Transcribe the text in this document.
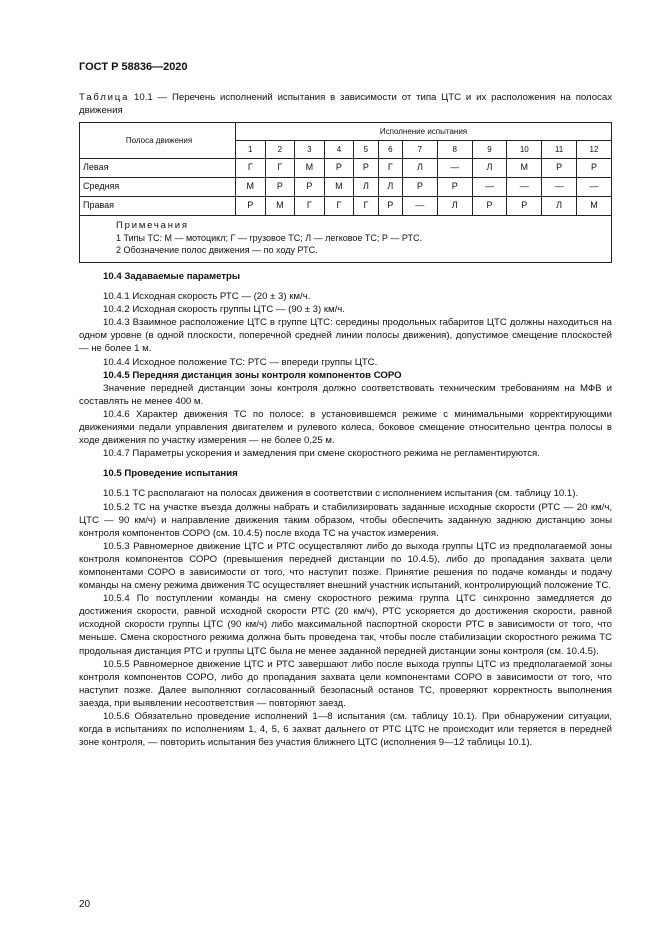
ГОСТ Р 58836—2020
Таблица 10.1 — Перечень исполнений испытания в зависимости от типа ЦТС и их расположения на полосах движения
Полоса движения	Исполнение испытания											
	1	2	3	4	5	6	7	8	9	10	11	12
Левая	Г	Г	М	Р	Р	Г	Л	—	Л	М	Р	Р
Средняя	М	Р	Р	М	Л	Л	Р	Р	—	—	—	—
Правая	Р	М	Г	Г	Г	Р	—	Л	Р	Р	Л	М

Примечания
1 Типы ТС: М — мотоцикл; Г — грузовое ТС; Л — легковое ТС; Р — РТС.
2 Обозначение полос движения — по ходу РТС.												

10.4 Задаваемые параметры

10.4.1 Исходная скорость РТС — (20 ± 3) км/ч.

10.4.2 Исходная скорость группы ЦТС — (90 ± 3) км/ч.

10.4.3 Взаимное расположение ЦТС в группе ЦТС: середины продольных габаритов ЦТС должны находиться на одном уровне (в одной плоскости, поперечной средней линии полосы движения), допустимое смещение плоскостей — не более 1 м.

10.4.4 Исходное положение ТС: РТС — впереди группы ЦТС.

10.4.5 Передняя дистанция зоны контроля компонентов СОРО

Значение передней дистанции зоны контроля должно соответствовать техническим требованиям на МФВ и составлять не менее 400 м.

10.4.6 Характер движения ТС по полосе: в установившемся режиме с минимальными корректирующими движениями педали управления двигателем и рулевого колеса, боковое смещение относительно центра полосы в ходе движения по участку измерения — не более 0,25 м.

10.4.7 Параметры ускорения и замедления при смене скоростного режима не регламентируются.

10.5 Проведение испытания

10.5.1 ТС располагают на полосах движения в соответствии с исполнением испытания (см. таблицу 10.1).

10.5.2 ТС на участке въезда должны набрать и стабилизировать заданные исходные скорости (РТС — 20 км/ч, ЦТС — 90 км/ч) и направление движения таким образом, чтобы обеспечить заданную заднюю дистанцию зоны контроля компонентов СОРО (см. 10.4.5) после входа ТС на участок измерения.

10.5.3 Равномерное движение ЦТС и РТС осуществляют либо до выхода группы ЦТС из предполагаемой зоны контроля компонентов СОРО (превышения передней дистанции по 10.4.5), либо до пропадания захвата цели компонентами СОРО в зависимости от того, что наступит позже. Принятие решения по подаче команды и подачу команды на смену режима движения ТС осуществляет внешний участник испытаний, контролирующий положение ТС.

10.5.4 По поступлении команды на смену скоростного режима группа ЦТС синхронно замедляется до достижения скорости, равной исходной скорости РТС (20 км/ч), РТС ускоряется до достижения скорости, равной исходной скорости группы ЦТС (90 км/ч) либо максимальной паспортной скорости РТС в зависимости от того, что меньше. Смена скоростного режима должна быть проведена так, чтобы после стабилизации скоростного режима ТС продольная дистанция РТС и группы ЦТС была не менее заданной передней дистанции зоны контроля (см. 10.4.5).

10.5.5 Равномерное движение ЦТС и РТС завершают либо после выхода группы ЦТС из предполагаемой зоны контроля компонентов СОРО, либо до пропадания захвата цели компонентами СОРО в зависимости от того, что наступит позже. Далее выполняют согласованный безопасный останов ТС, проверяют корректность выполнения заезда, при выявлении несоответствия — повторяют заезд.

10.5.6 Обязательно проведение исполнений 1—8 испытания (см. таблицу 10.1). При обнаружении ситуации, когда в испытаниях по исполнениям 1, 4, 5, 6 захват дальнего от РТС ЦТС не происходит или теряется в передней зоне контроля, — повторить испытания без участия ближнего ЦТС (исполнения 9—12 таблицы 10.1).

20
